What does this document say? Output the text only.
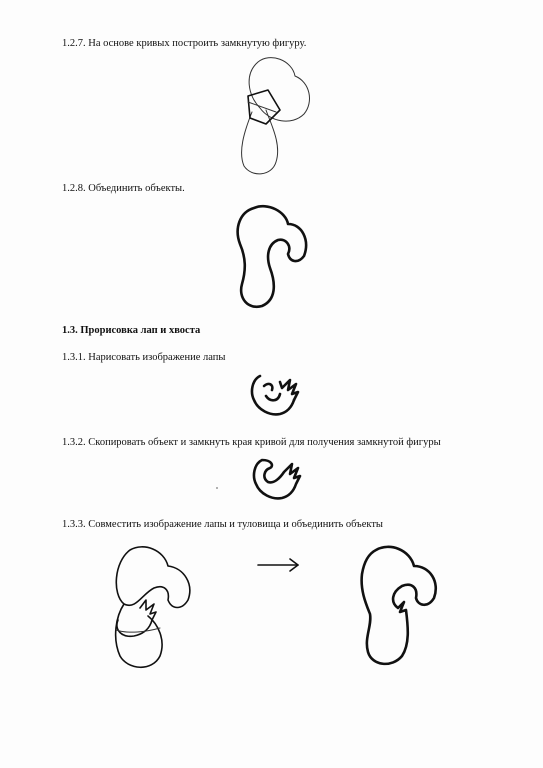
1.2.7. На основе кривых построить замкнутую фигуру.
1.2.8. Объединить объекты.
1.3. Прорисовка лап и хвоста
1.3.1. Нарисовать изображение лапы
1.3.2. Скопировать объект и замкнуть края кривой для получения замкнутой фигуры
1.3.3. Совместить изображение лапы и туловища и объединить объекты
